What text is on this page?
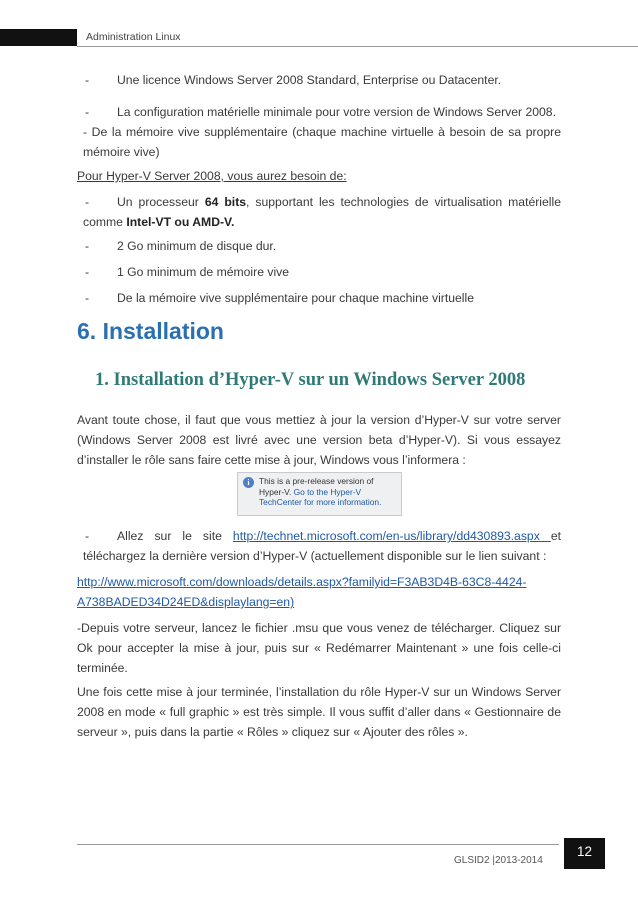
Administration Linux
-	Une licence Windows Server 2008 Standard, Enterprise ou Datacenter.
-	La configuration matérielle minimale pour votre version de Windows Server 2008.
- De la mémoire vive supplémentaire (chaque machine virtuelle à besoin de sa propre
mémoire vive)
Pour Hyper-V Server 2008, vous aurez besoin de:
-	Un processeur 64 bits, supportant les technologies de virtualisation matérielle
comme Intel-VT ou AMD-V.
-	2 Go minimum de disque dur.
-	1 Go minimum de mémoire vive
-	De la mémoire vive supplémentaire pour chaque machine virtuelle
6. Installation
1. Installation d’Hyper-V sur un Windows Server 2008
Avant toute chose, il faut que vous mettiez à jour la version d’Hyper-V sur votre server
(Windows Server 2008 est livré avec une version beta d’Hyper-V). Si vous essayez
d’installer le rôle sans faire cette mise à jour, Windows vous l’informera :
-	Allez sur le site http://technet.microsoft.com/en-us/library/dd430893.aspx et
téléchargez la dernière version d’Hyper-V (actuellement disponible sur le lien suivant :
http://www.microsoft.com/downloads/details.aspx?familyid=F3AB3D4B-63C8-4424-
A738BADED34D24ED&displaylang=en)
-Depuis votre serveur, lancez le fichier .msu que vous venez de télécharger. Cliquez sur
Ok pour accepter la mise à jour, puis sur « Redémarrer Maintenant » une fois celle-ci
terminée.
Une fois cette mise à jour terminée, l’installation du rôle Hyper-V sur un Windows Server
2008 en mode « full graphic » est très simple. Il vous suffit d’aller dans « Gestionnaire de
serveur », puis dans la partie « Rôles » cliquez sur « Ajouter des rôles ».
i	This is a pre-release version of
Hyper-V. Go to the Hyper-V
TechCenter for more information.
GLSID2 |2013-2014
12
